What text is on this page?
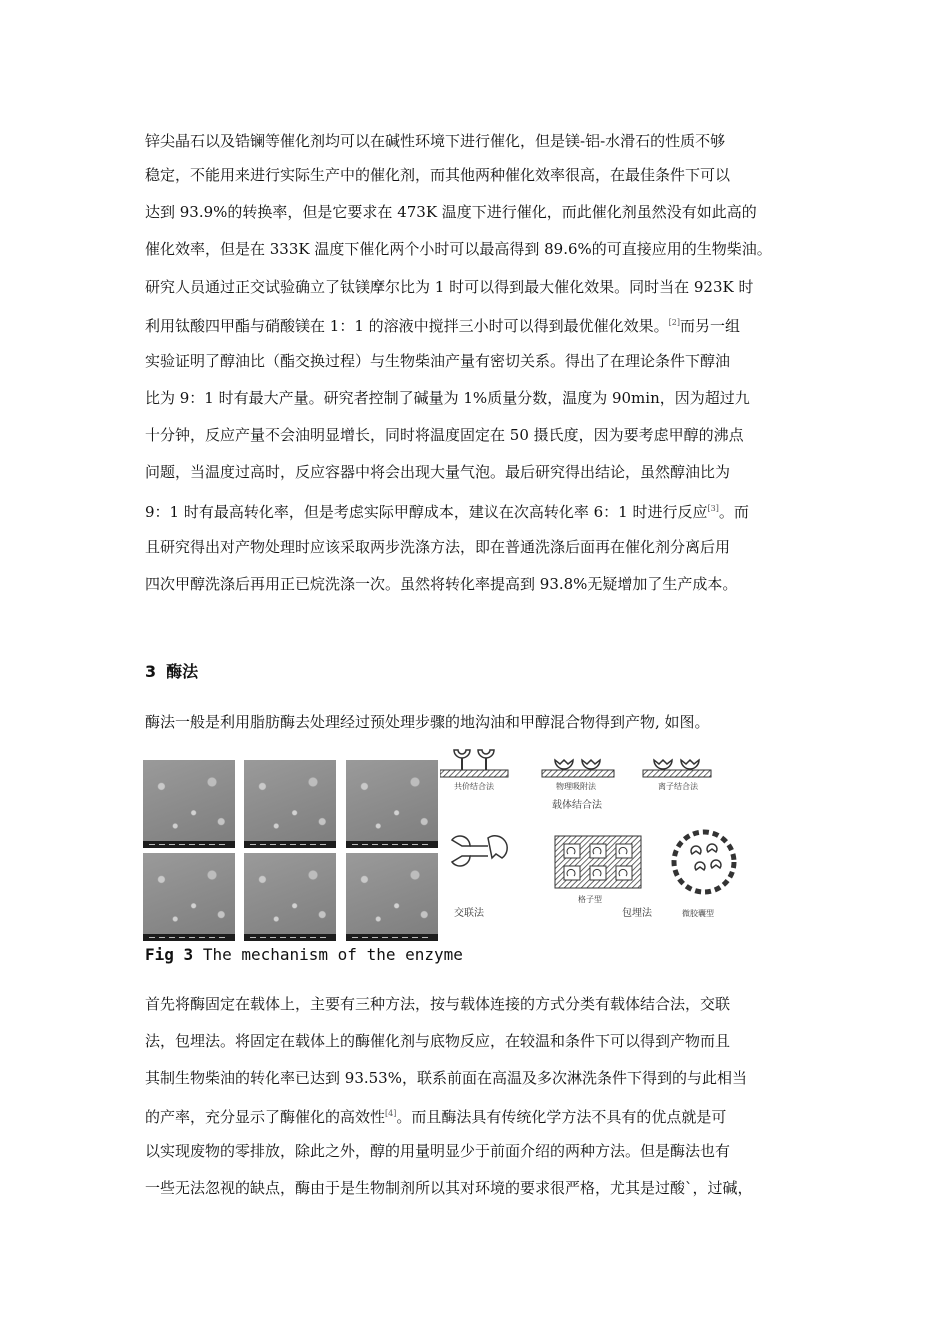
锌尖晶石以及锆镧等催化剂均可以在碱性环境下进行催化，但是镁-铝-水滑石的性质不够
稳定，不能用来进行实际生产中的催化剂，而其他两种催化效率很高，在最佳条件下可以
达到 93.9%的转换率，但是它要求在 473K 温度下进行催化，而此催化剂虽然没有如此高的
催化效率，但是在 333K 温度下催化两个小时可以最高得到 89.6%的可直接应用的生物柴油。
研究人员通过正交试验确立了钛镁摩尔比为 1 时可以得到最大催化效果。同时当在 923K 时
利用钛酸四甲酯与硝酸镁在 1：1 的溶液中搅拌三小时可以得到最优催化效果。[2]而另一组
实验证明了醇油比（酯交换过程）与生物柴油产量有密切关系。得出了在理论条件下醇油
比为 9：1 时有最大产量。研究者控制了碱量为 1%质量分数，温度为 90min，因为超过九
十分钟，反应产量不会油明显增长，同时将温度固定在 50 摄氏度，因为要考虑甲醇的沸点
问题，当温度过高时，反应容器中将会出现大量气泡。最后研究得出结论，虽然醇油比为
9：1 时有最高转化率，但是考虑实际甲醇成本，建议在次高转化率 6：1 时进行反应[3]。而
且研究得出对产物处理时应该采取两步洗涤方法，即在普通洗涤后面再在催化剂分离后用
四次甲醇洗涤后再用正已烷洗涤一次。虽然将转化率提高到 93.8%无疑增加了生产成本。
3 酶法
酶法一般是利用脂肪酶去处理经过预处理步骤的地沟油和甲醇混合物得到产物, 如图。
共价结合法	物理吸附法	离子结合法
载体结合法
交联法
格子型
包埋法	微胶囊型
Fig 3 The mechanism of the enzyme
首先将酶固定在载体上，主要有三种方法，按与载体连接的方式分类有载体结合法，交联
法，包埋法。将固定在载体上的酶催化剂与底物反应，在较温和条件下可以得到产物而且
其制生物柴油的转化率已达到 93.53%，联系前面在高温及多次淋洗条件下得到的与此相当
的产率，充分显示了酶催化的高效性[4]。而且酶法具有传统化学方法不具有的优点就是可
以实现废物的零排放，除此之外，醇的用量明显少于前面介绍的两种方法。但是酶法也有
一些无法忽视的缺点，酶由于是生物制剂所以其对环境的要求很严格，尤其是过酸`，过碱，
